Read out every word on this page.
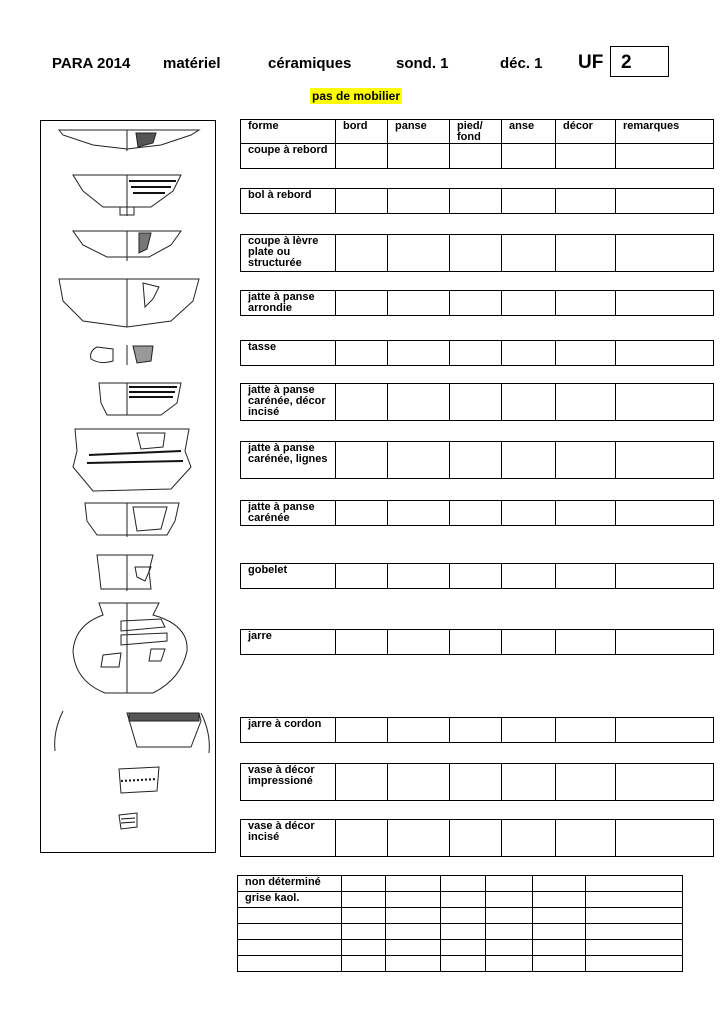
PARA 2014 matériel	céramiques	sond. 1	déc. 1 UF 2
pas de mobilier
forme	bord	panse	pied/ fond	anse	décor	remarques
coupe à rebord						
bol à rebord						
coupe à lèvre plate ou structurée						
jatte à panse arrondie						
tasse						
jatte à panse carénée, décor incisé						
jatte à panse carénée, lignes						
jatte à panse carénée						
gobelet						
jarre						
jarre à cordon						
vase à décor impressioné						
vase à décor incisé						
non déterminé						
grise kaol.						
